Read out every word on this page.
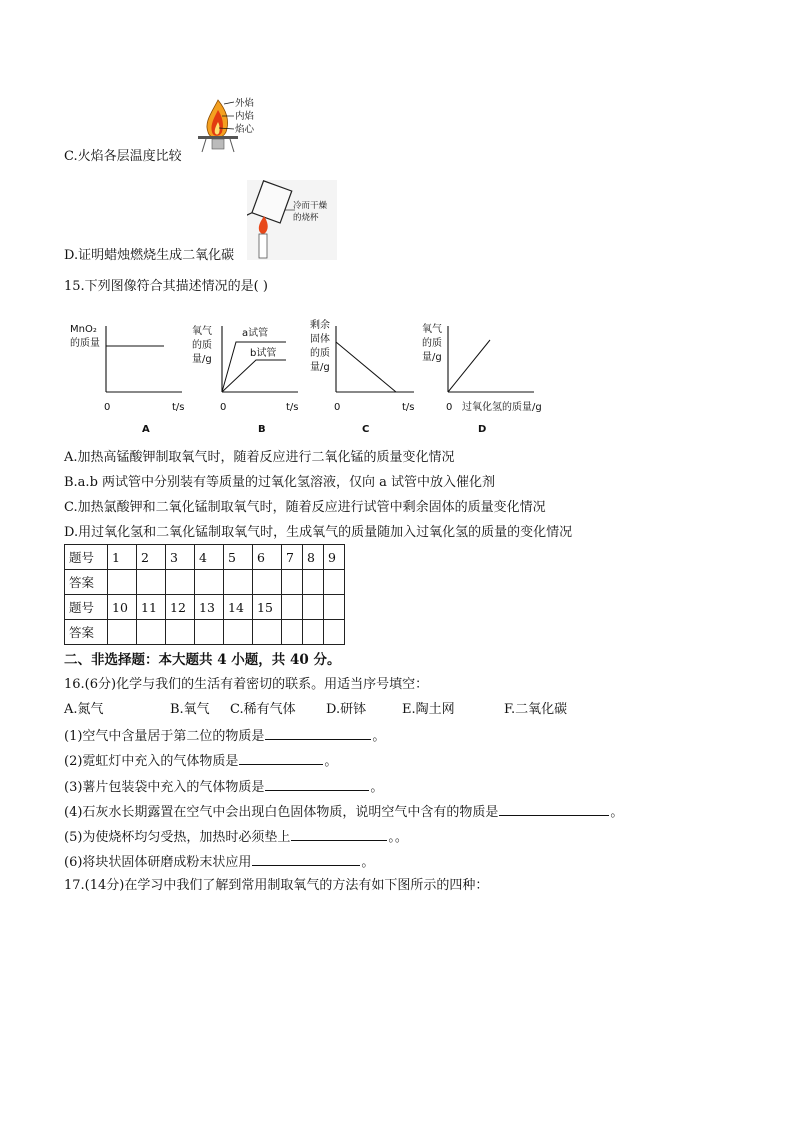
外焰
内焰
焰心
C.火焰各层温度比较
冷而干燥
的烧杯
D.证明蜡烛燃烧生成二氧化碳
15.下列图像符合其描述情况的是( )
MnO₂
的质量
0	t/s
A
氧气
的质
量/g
a试管
b试管
0	t/s
B
剩余
固体
的质
量/g
0	t/s
C
氧气
的质
量/g
0 过氧化氢的质量/g
D
A.加热高锰酸钾制取氧气时，随着反应进行二氧化锰的质量变化情况
B.a.b 两试管中分别装有等质量的过氧化氢溶液，仅向 a 试管中放入催化剂
C.加热氯酸钾和二氧化锰制取氧气时，随着反应进行试管中剩余固体的质量变化情况
D.用过氧化氢和二氧化锰制取氧气时，生成氧气的质量随加入过氧化氢的质量的变化情况
题号	1	2	3	4	5	6	7	8	9
答案									
题号	10	11	12	13	14	15			
答案									
二、非选择题：本大题共 4 小题，共 40 分。
16.(6分)化学与我们的生活有着密切的联系。用适当序号填空：
A.氮气	B.氧气 C.稀有气体 D.研钵	E.陶土网	F.二氧化碳
(1)空气中含量居于第二位的物质是	。
(2)霓虹灯中充入的气体物质是	。
(3)薯片包装袋中充入的气体物质是	。
(4)石灰水长期露置在空气中会出现白色固体物质，说明空气中含有的物质是	。
(5)为使烧杯均匀受热，加热时必须垫上	。。
(6)将块状固体研磨成粉末状应用	。
17.(14分)在学习中我们了解到常用制取氧气的方法有如下图所示的四种：
